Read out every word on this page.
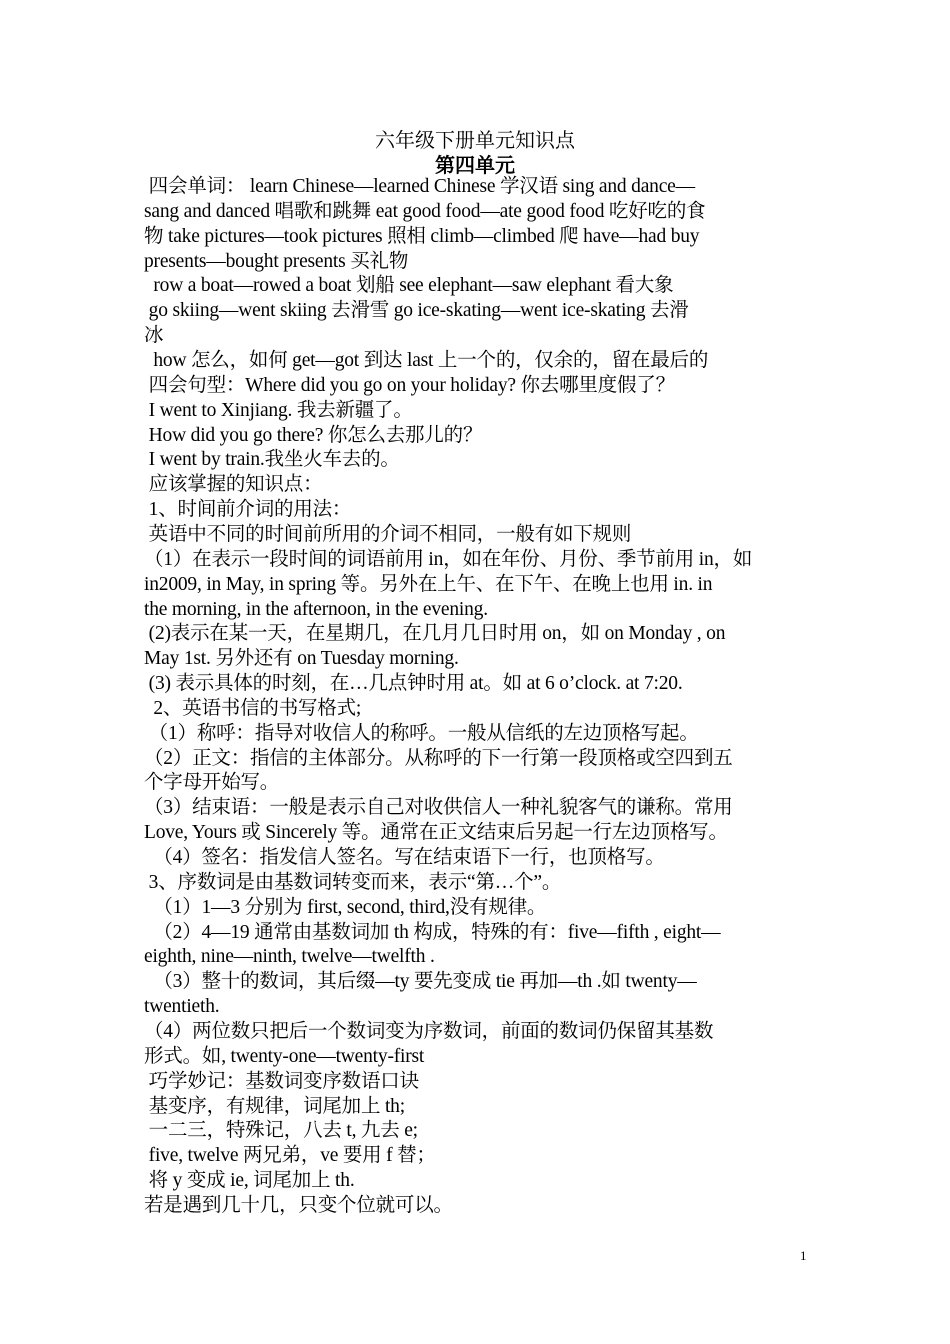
六年级下册单元知识点
第四单元
四会单词： learn Chinese—learned Chinese 学汉语 sing and dance—
sang and danced 唱歌和跳舞 eat good food—ate good food 吃好吃的食
物 take pictures—took pictures 照相 climb—climbed 爬 have—had buy
presents—bought presents 买礼物
row a boat—rowed a boat 划船 see elephant—saw elephant 看大象
go skiing—went skiing 去滑雪 go ice-skating—went ice-skating 去滑
冰
how 怎么，如何 get—got 到达 last 上一个的，仅余的，留在最后的
四会句型：Where did you go on your holiday? 你去哪里度假了？
I went to Xinjiang. 我去新疆了。
How did you go there? 你怎么去那儿的？
I went by train.我坐火车去的。
应该掌握的知识点：
1、时间前介词的用法：
英语中不同的时间前所用的介词不相同，一般有如下规则
（1）在表示一段时间的词语前用 in，如在年份、月份、季节前用 in，如
in2009, in May, in spring 等。另外在上午、在下午、在晚上也用 in. in
the morning, in the afternoon, in the evening.
(2)表示在某一天，在星期几，在几月几日时用 on，如 on Monday , on
May 1st. 另外还有 on Tuesday morning.
(3) 表示具体的时刻，在…几点钟时用 at。如 at 6 o’clock. at 7:20.
2、英语书信的书写格式;
（1）称呼：指导对收信人的称呼。一般从信纸的左边顶格写起。
（2）正文：指信的主体部分。从称呼的下一行第一段顶格或空四到五
个字母开始写。
（3）结束语：一般是表示自己对收供信人一种礼貌客气的谦称。常用
Love, Yours 或 Sincerely 等。通常在正文结束后另起一行左边顶格写。
（4）签名：指发信人签名。写在结束语下一行，也顶格写。
3、序数词是由基数词转变而来，表示“第…个”。
（1）1—3 分别为 first, second, third,没有规律。
（2）4—19 通常由基数词加 th 构成，特殊的有：five—fifth , eight—
eighth, nine—ninth, twelve—twelfth .
（3）整十的数词，其后缀—ty 要先变成 tie 再加—th .如 twenty—
twentieth.
（4）两位数只把后一个数词变为序数词，前面的数词仍保留其基数
形式。如, twenty-one—twenty-first
巧学妙记：基数词变序数语口诀
基变序，有规律，词尾加上 th;
一二三，特殊记，八去 t, 九去 e;
five, twelve 两兄弟，ve 要用 f 替；
将 y 变成 ie, 词尾加上 th.
若是遇到几十几，只变个位就可以。
1
